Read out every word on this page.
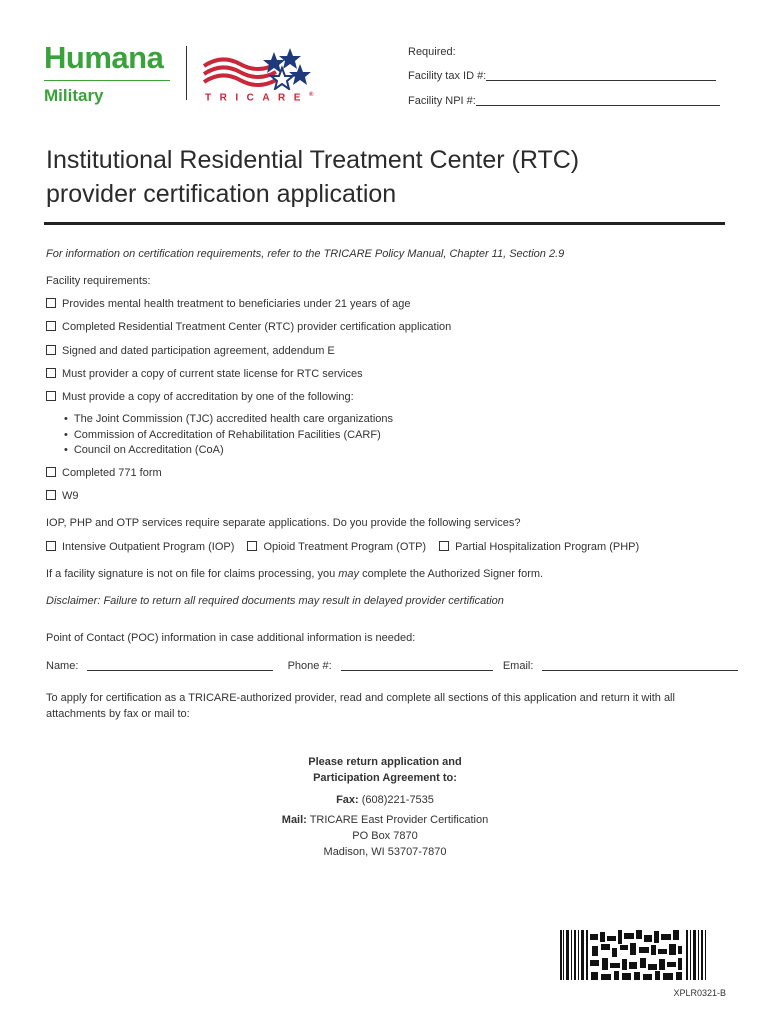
Humana
Military	TRICARE®
Required:
Facility tax ID #:
Facility NPI #:
Institutional Residential Treatment Center (RTC)
provider certification application
For information on certification requirements, refer to the TRICARE Policy Manual, Chapter 11, Section 2.9
Facility requirements:
Provides mental health treatment to beneficiaries under 21 years of age
Completed Residential Treatment Center (RTC) provider certification application
Signed and dated participation agreement, addendum E
Must provider a copy of current state license for RTC services
Must provide a copy of accreditation by one of the following:
• The Joint Commission (TJC) accredited health care organizations
• Commission of Accreditation of Rehabilitation Facilities (CARF)
• Council on Accreditation (CoA)
Completed 771 form
W9
IOP, PHP and OTP services require separate applications. Do you provide the following services?
Intensive Outpatient Program (IOP)	Opioid Treatment Program (OTP)	Partial Hospitalization Program (PHP)
If a facility signature is not on file for claims processing, you may complete the Authorized Signer form.
Disclaimer: Failure to return all required documents may result in delayed provider certification
Point of Contact (POC) information in case additional information is needed:
Name:	Phone #:	Email:
To apply for certification as a TRICARE-authorized provider, read and complete all sections of this application and return it with all
attachments by fax or mail to:
Please return application and
Participation Agreement to:
Fax: (608)221-7535
Mail: TRICARE East Provider Certification
PO Box 7870
Madison, WI 53707-7870
XPLR0321-B
